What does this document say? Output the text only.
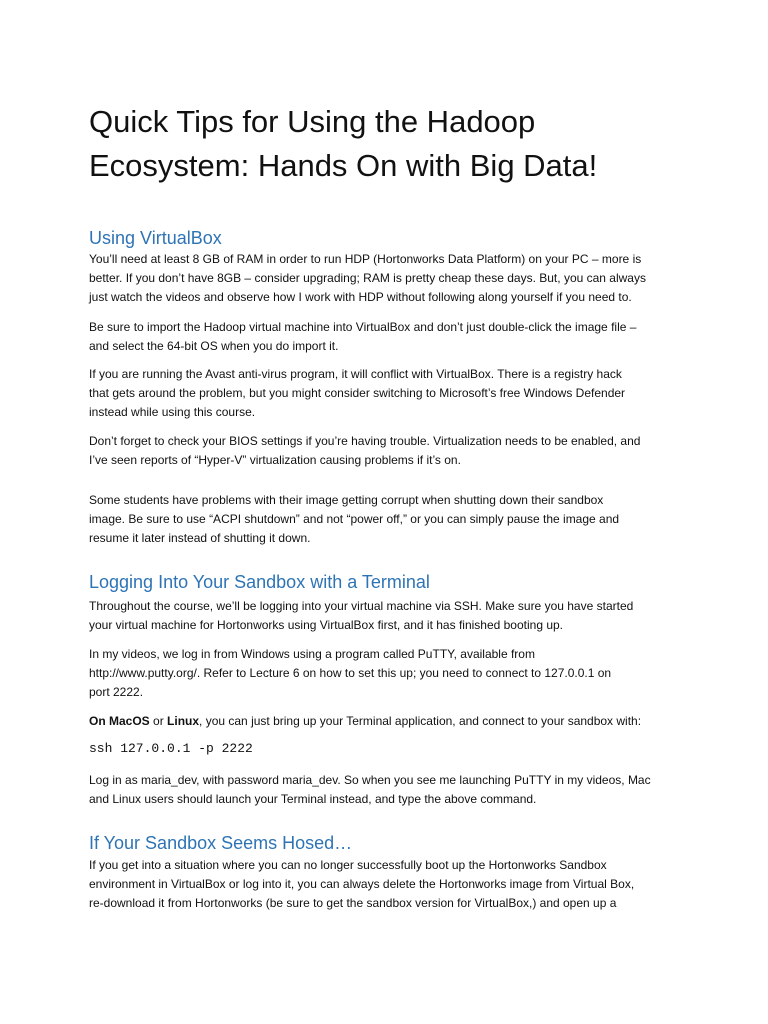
Quick Tips for Using the Hadoop
Ecosystem: Hands On with Big Data!
Using VirtualBox

You’ll need at least 8 GB of RAM in order to run HDP (Hortonworks Data Platform) on your PC – more is
better. If you don’t have 8GB – consider upgrading; RAM is pretty cheap these days. But, you can always
just watch the videos and observe how I work with HDP without following along yourself if you need to.

Be sure to import the Hadoop virtual machine into VirtualBox and don’t just double-click the image file –
and select the 64-bit OS when you do import it.

If you are running the Avast anti-virus program, it will conflict with VirtualBox. There is a registry hack
that gets around the problem, but you might consider switching to Microsoft’s free Windows Defender
instead while using this course.

Don’t forget to check your BIOS settings if you’re having trouble. Virtualization needs to be enabled, and
I’ve seen reports of “Hyper-V” virtualization causing problems if it’s on.

Some students have problems with their image getting corrupt when shutting down their sandbox
image. Be sure to use “ACPI shutdown” and not “power off,” or you can simply pause the image and
resume it later instead of shutting it down.

Logging Into Your Sandbox with a Terminal

Throughout the course, we’ll be logging into your virtual machine via SSH. Make sure you have started
your virtual machine for Hortonworks using VirtualBox first, and it has finished booting up.

In my videos, we log in from Windows using a program called PuTTY, available from
http://www.putty.org/. Refer to Lecture 6 on how to set this up; you need to connect to 127.0.0.1 on
port 2222.

On MacOS or Linux, you can just bring up your Terminal application, and connect to your sandbox with:

ssh 127.0.0.1 -p 2222

Log in as maria_dev, with password maria_dev. So when you see me launching PuTTY in my videos, Mac
and Linux users should launch your Terminal instead, and type the above command.

If Your Sandbox Seems Hosed…

If you get into a situation where you can no longer successfully boot up the Hortonworks Sandbox
environment in VirtualBox or log into it, you can always delete the Hortonworks image from Virtual Box,
re-download it from Hortonworks (be sure to get the sandbox version for VirtualBox,) and open up a
